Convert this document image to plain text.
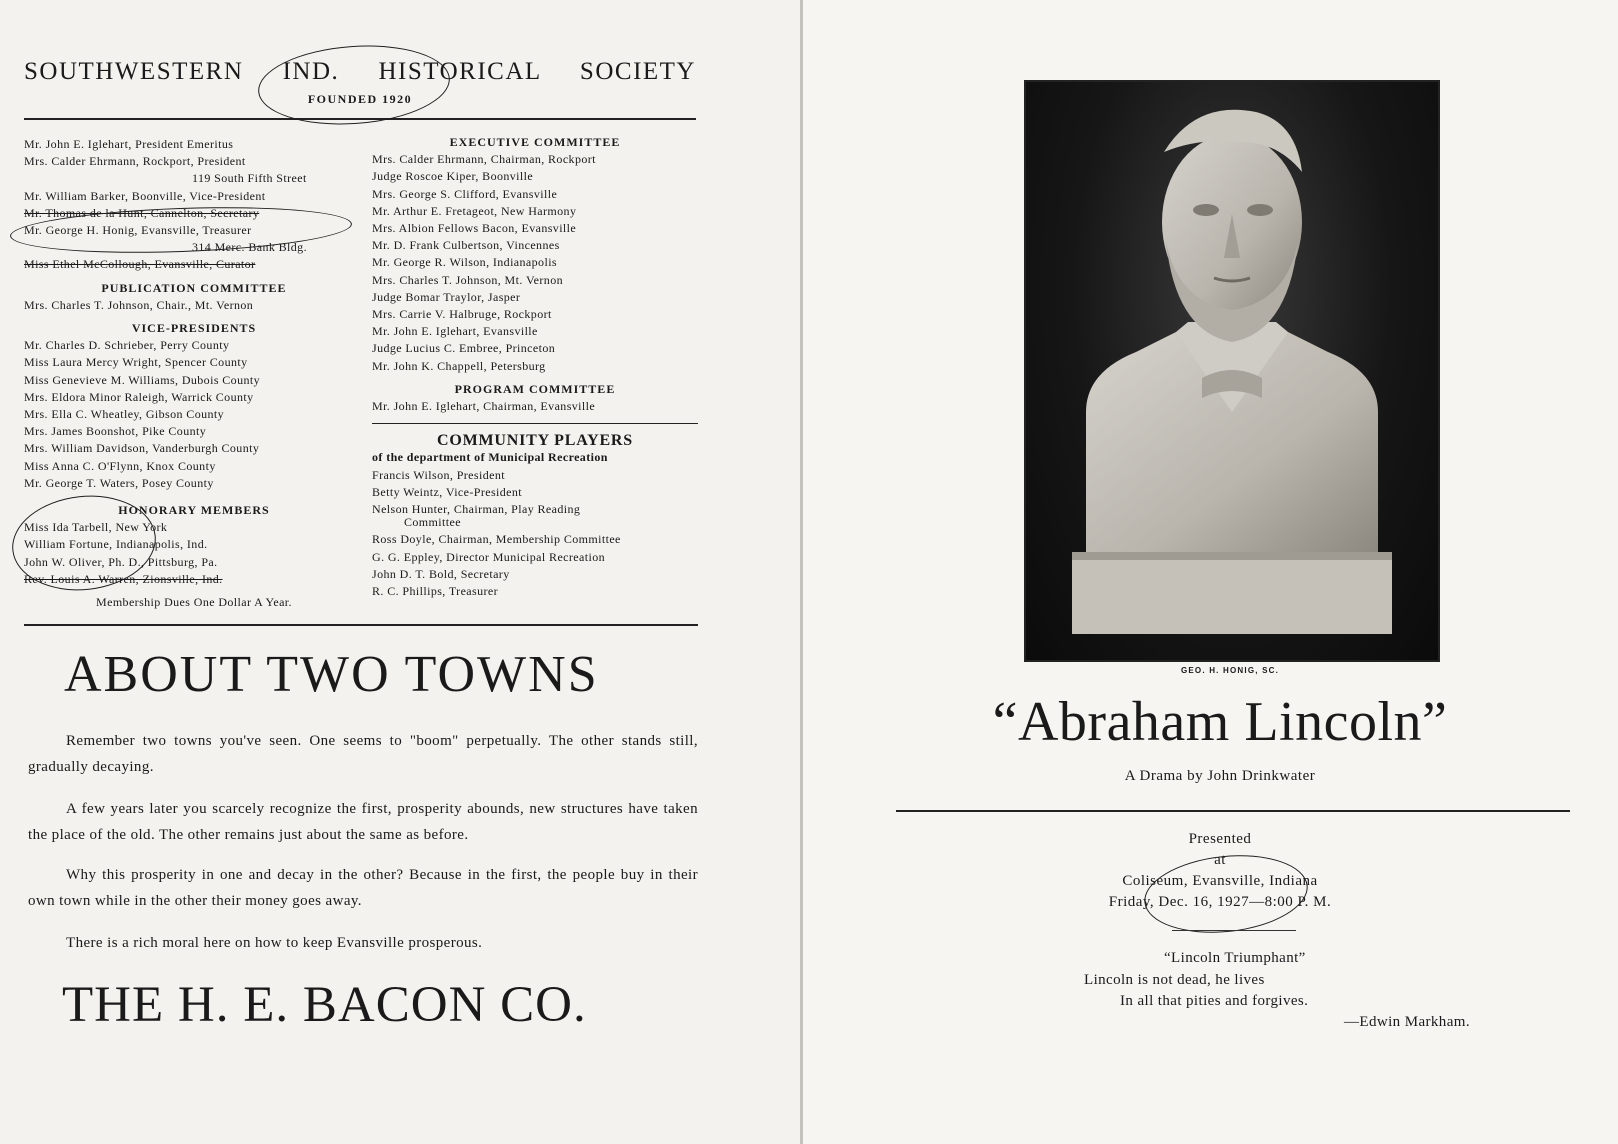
SOUTHWESTERN IND. HISTORICAL SOCIETY
FOUNDED 1920
Mr. John E. Iglehart, President Emeritus
Mrs. Calder Ehrmann, Rockport, President
119 South Fifth Street
Mr. William Barker, Boonville, Vice-President
Mr. Thomas de la Hunt, Cannelton, Secretary
Mr. George H. Honig, Evansville, Treasurer
314 Merc. Bank Bldg.
Miss Ethel McCollough, Evansville, Curator
PUBLICATION COMMITTEE
Mrs. Charles T. Johnson, Chair., Mt. Vernon
VICE-PRESIDENTS
Mr. Charles D. Schrieber, Perry County
Miss Laura Mercy Wright, Spencer County
Miss Genevieve M. Williams, Dubois County
Mrs. Eldora Minor Raleigh, Warrick County
Mrs. Ella C. Wheatley, Gibson County
Mrs. James Boonshot, Pike County
Mrs. William Davidson, Vanderburgh County
Miss Anna C. O'Flynn, Knox County
Mr. George T. Waters, Posey County
HONORARY MEMBERS
Miss Ida Tarbell, New York
William Fortune, Indianapolis, Ind.
John W. Oliver, Ph. D., Pittsburg, Pa.
Rev. Louis A. Warren, Zionsville, Ind.
Membership Dues One Dollar A Year.
EXECUTIVE COMMITTEE
Mrs. Calder Ehrmann, Chairman, Rockport
Judge Roscoe Kiper, Boonville
Mrs. George S. Clifford, Evansville
Mr. Arthur E. Fretageot, New Harmony
Mrs. Albion Fellows Bacon, Evansville
Mr. D. Frank Culbertson, Vincennes
Mr. George R. Wilson, Indianapolis
Mrs. Charles T. Johnson, Mt. Vernon
Judge Bomar Traylor, Jasper
Mrs. Carrie V. Halbruge, Rockport
Mr. John E. Iglehart, Evansville
Judge Lucius C. Embree, Princeton
Mr. John K. Chappell, Petersburg
PROGRAM COMMITTEE
Mr. John E. Iglehart, Chairman, Evansville
COMMUNITY PLAYERS
of the department of Municipal Recreation
Francis Wilson, President
Betty Weintz, Vice-President
Nelson Hunter, Chairman, Play Reading
Committee
Ross Doyle, Chairman, Membership Committee
G. G. Eppley, Director Municipal Recreation
John D. T. Bold, Secretary
R. C. Phillips, Treasurer
ABOUT TWO TOWNS
Remember two towns you've seen. One seems to "boom" perpetually. The other stands still, gradually decaying.
A few years later you scarcely recognize the first, prosperity abounds, new structures have taken the place of the old. The other remains just about the same as before.
Why this prosperity in one and decay in the other? Because in the first, the people buy in their own town while in the other their money goes away.
There is a rich moral here on how to keep Evansville prosperous.
THE H. E. BACON CO.
GEO. H. HONIG, SC.
“Abraham Lincoln”
A Drama by John Drinkwater
Presented
at
Coliseum, Evansville, Indiana
Friday, Dec. 16, 1927—8:00 P. M.
“Lincoln Triumphant”
Lincoln is not dead, he lives
In all that pities and forgives.
—Edwin Markham.
